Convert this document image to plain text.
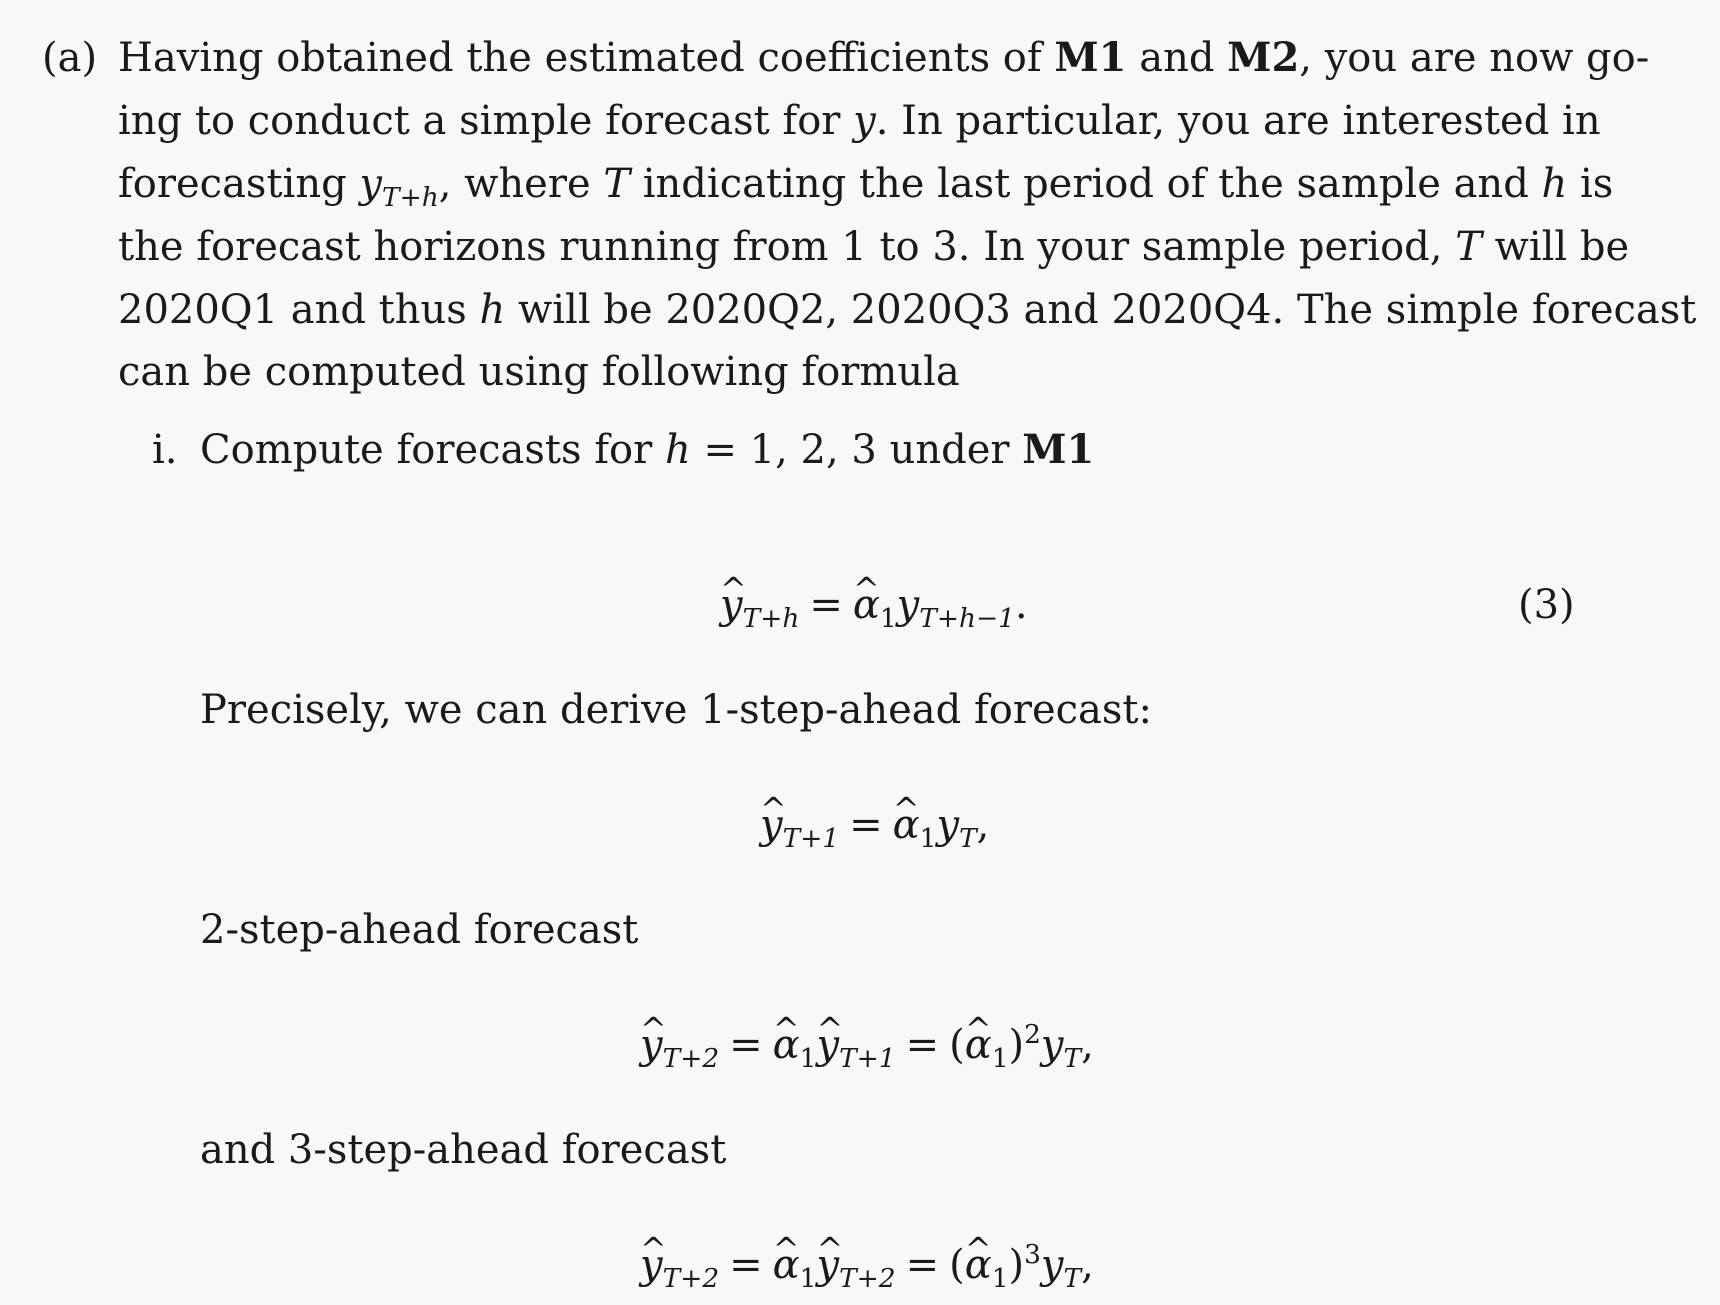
(a) Having obtained the estimated coefficients of M1 and M2, you are now go-
ing to conduct a simple forecast for y. In particular, you are interested in
forecasting $y_{T+h}$, where T indicating the last period of the sample and h is
the forecast horizons running from 1 to 3. In your sample period, T will be
2020Q1 and thus h will be 2020Q2, 2020Q3 and 2020Q4. The simple forecast
can be computed using following formula
i. Compute forecasts for h = 1, 2, 3 under M1
^ $y_{T+h}$ = ^ $\alpha_1y_{T+h-1}$.	(3)
Precisely, we can derive 1-step-ahead forecast:
^ $y_{T+1}$ = ^ $\alpha_1y_T$,
2-step-ahead forecast
^ $y_{T+2}$ = ^ $\alpha_1\^{}$ $y_{T+1}$ = (^ $\alpha_1)^2y_T$,
and 3-step-ahead forecast
^ $y_{T+2}$ = ^ $\alpha_1\^{}$ $y_{T+2}$ = (^ $\alpha_1)^3y_T$,
